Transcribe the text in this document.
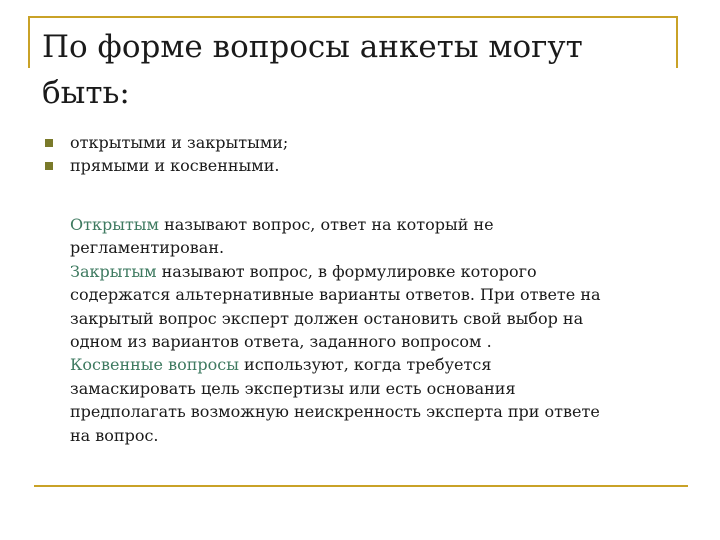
По форме вопросы анкеты могут
быть:
открытыми и закрытыми;
прямыми и косвенными.
Открытым называют вопрос, ответ на который не
регламентирован.
Закрытым называют вопрос, в формулировке которого
содержатся альтернативные варианты ответов. При ответе на
закрытый вопрос эксперт должен остановить свой выбор на
одном из вариантов ответа, заданного вопросом .
Косвенные вопросы используют, когда требуется
замаскировать цель экспертизы или есть основания
предполагать возможную неискренность эксперта при ответе
на вопрос.
